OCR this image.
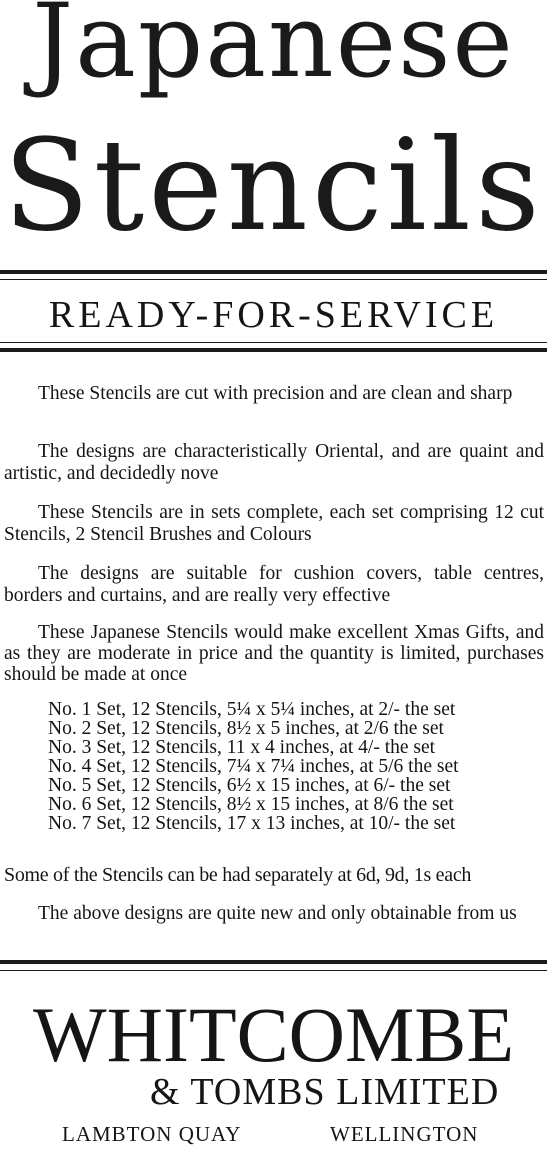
Japanese
Stencils
READY-FOR-SERVICE

These Stencils are cut with precision and are clean and sharp

The designs are characteristically Oriental, and are quaint and artistic, and decidedly nove

These Stencils are in sets complete, each set comprising 12 cut Stencils, 2 Stencil Brushes and Colours

The designs are suitable for cushion covers, table centres, borders and curtains, and are really very effective

These Japanese Stencils would make excellent Xmas Gifts, and as they are moderate in price and the quantity is limited, purchases should be made at once

No. 1 Set, 12 Stencils, 5¼ x 5¼ inches, at 2/- the set
No. 2 Set, 12 Stencils, 8½ x 5 inches, at 2/6 the set
No. 3 Set, 12 Stencils, 11 x 4 inches, at 4/- the set
No. 4 Set, 12 Stencils, 7¼ x 7¼ inches, at 5/6 the set
No. 5 Set, 12 Stencils, 6½ x 15 inches, at 6/- the set
No. 6 Set, 12 Stencils, 8½ x 15 inches, at 8/6 the set
No. 7 Set, 12 Stencils, 17 x 13 inches, at 10/- the set
Some of the Stencils can be had separately at 6d, 9d, 1s each

The above designs are quite new and only obtainable from us

WHITCOMBE
& TOMBS LIMITED
LAMBTON QUAY	WELLINGTON
